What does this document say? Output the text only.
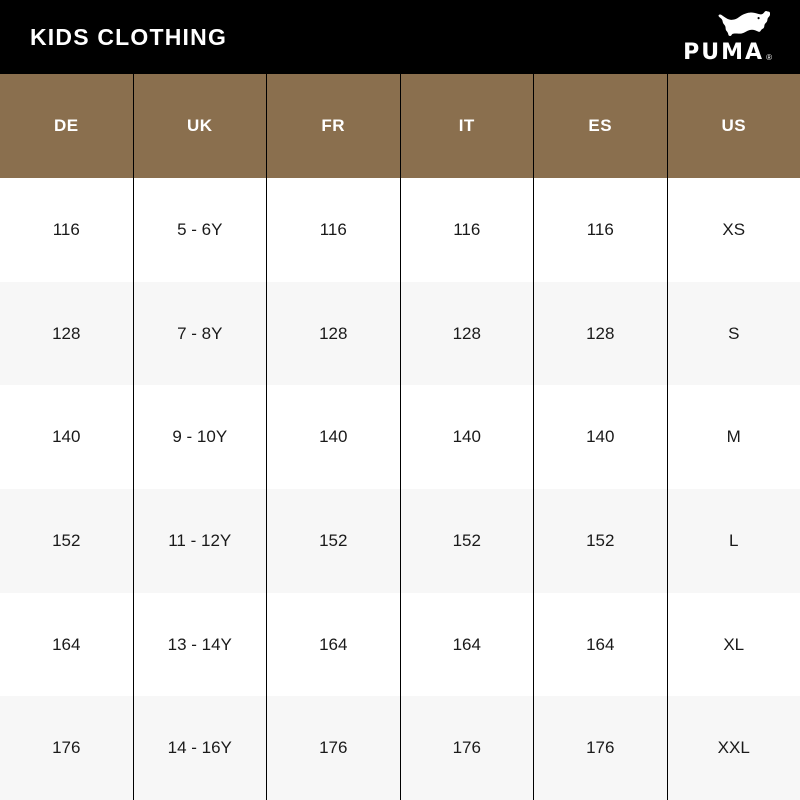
KIDS CLOTHING
PUMA ®
DE	UK	FR	IT	ES	US
116	5 - 6Y	116	116	116	XS
128	7 - 8Y	128	128	128	S
140	9 - 10Y	140	140	140	M
152	11 - 12Y	152	152	152	L
164	13 - 14Y	164	164	164	XL
176	14 - 16Y	176	176	176	XXL
